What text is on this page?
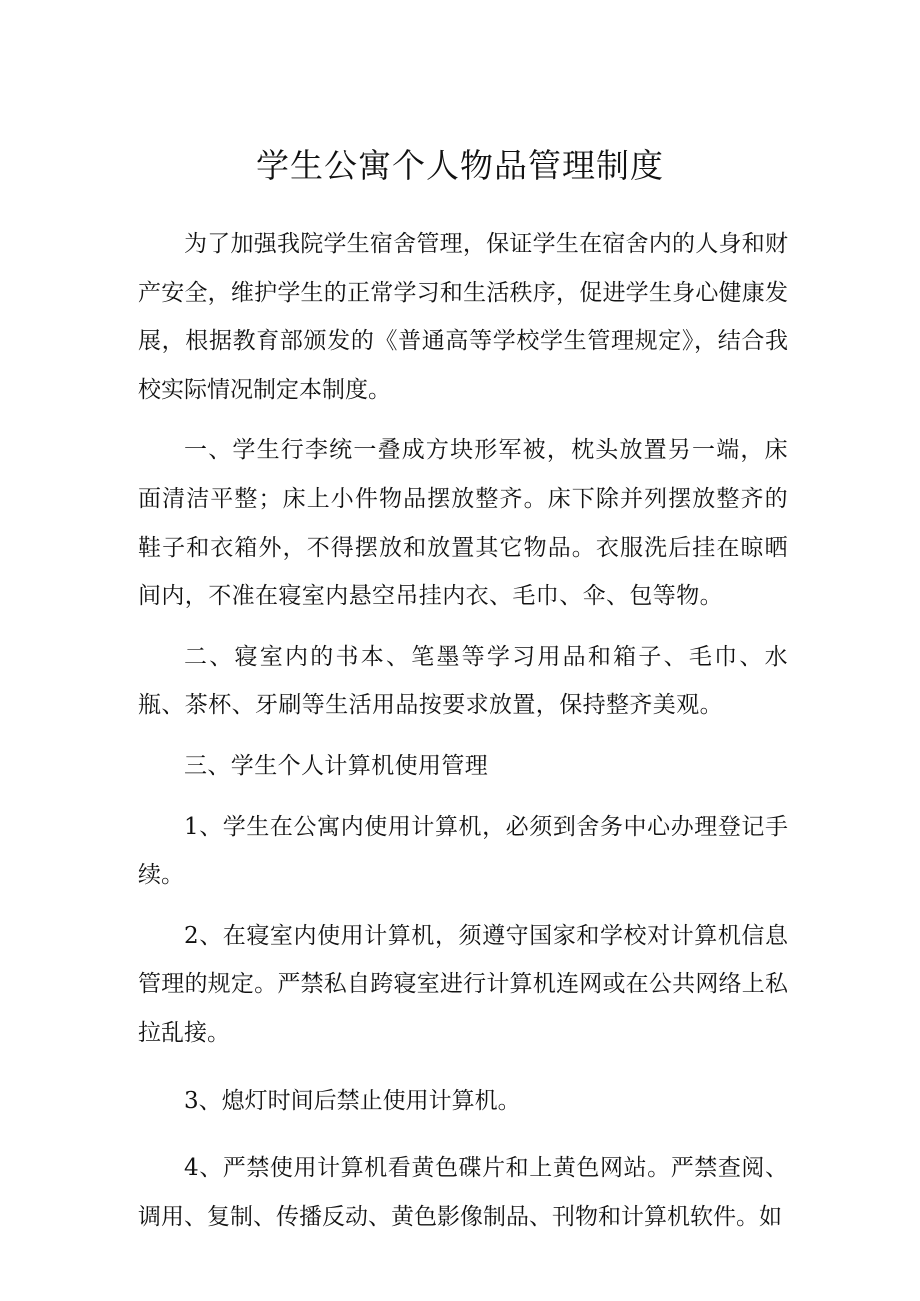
学生公寓个人物品管理制度

为了加强我院学生宿舍管理，保证学生在宿舍内的人身和财产安全，维护学生的正常学习和生活秩序，促进学生身心健康发展，根据教育部颁发的《普通高等学校学生管理规定》，结合我校实际情况制定本制度。

一、学生行李统一叠成方块形军被，枕头放置另一端，床面清洁平整；床上小件物品摆放整齐。床下除并列摆放整齐的鞋子和衣箱外，不得摆放和放置其它物品。衣服洗后挂在晾晒间内，不准在寝室内悬空吊挂内衣、毛巾、伞、包等物。

二、寝室内的书本、笔墨等学习用品和箱子、毛巾、水瓶、茶杯、牙刷等生活用品按要求放置，保持整齐美观。

三、学生个人计算机使用管理

1、学生在公寓内使用计算机，必须到舍务中心办理登记手续。

2、在寝室内使用计算机，须遵守国家和学校对计算机信息管理的规定。严禁私自跨寝室进行计算机连网或在公共网络上私拉乱接。

3、熄灯时间后禁止使用计算机。

4、严禁使用计算机看黄色碟片和上黄色网站。严禁查阅、调用、复制、传播反动、黄色影像制品、刊物和计算机软件。如
